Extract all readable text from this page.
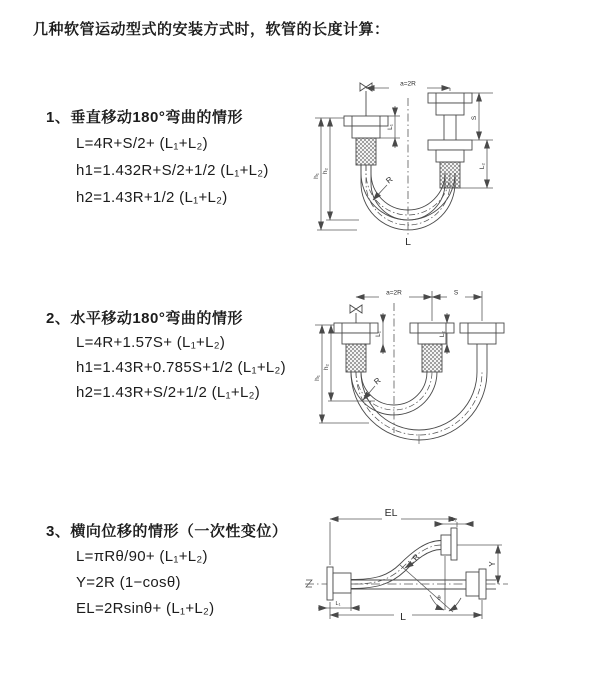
几种软管运动型式的安装方式时，软管的长度计算：
1、垂直移动180°弯曲的情形
L=4R+S/2+ (L₁+L₂)
h1=1.432R+S/2+1/2 (L₁+L₂)
h2=1.43R+1/2 (L₁+L₂)
a=2R
h₁
h₂
L₁
S
L₂
R
L
2、水平移动180°弯曲的情形
L=4R+1.57S+ (L₁+L₂)
h1=1.43R+0.785S+1/2 (L₁+L₂)
h2=1.43R+S/2+1/2 (L₁+L₂)
a=2R	S
h₁
h₂
L₁	L₂
R
3、横向位移的情形（一次性变位）
L=πRθ/90+ (L₁+L₂)
Y=2R (1−cosθ)
EL=2Rsinθ+ (L₁+L₂)
EL
L₂
Y
R
θ
L
L₁
